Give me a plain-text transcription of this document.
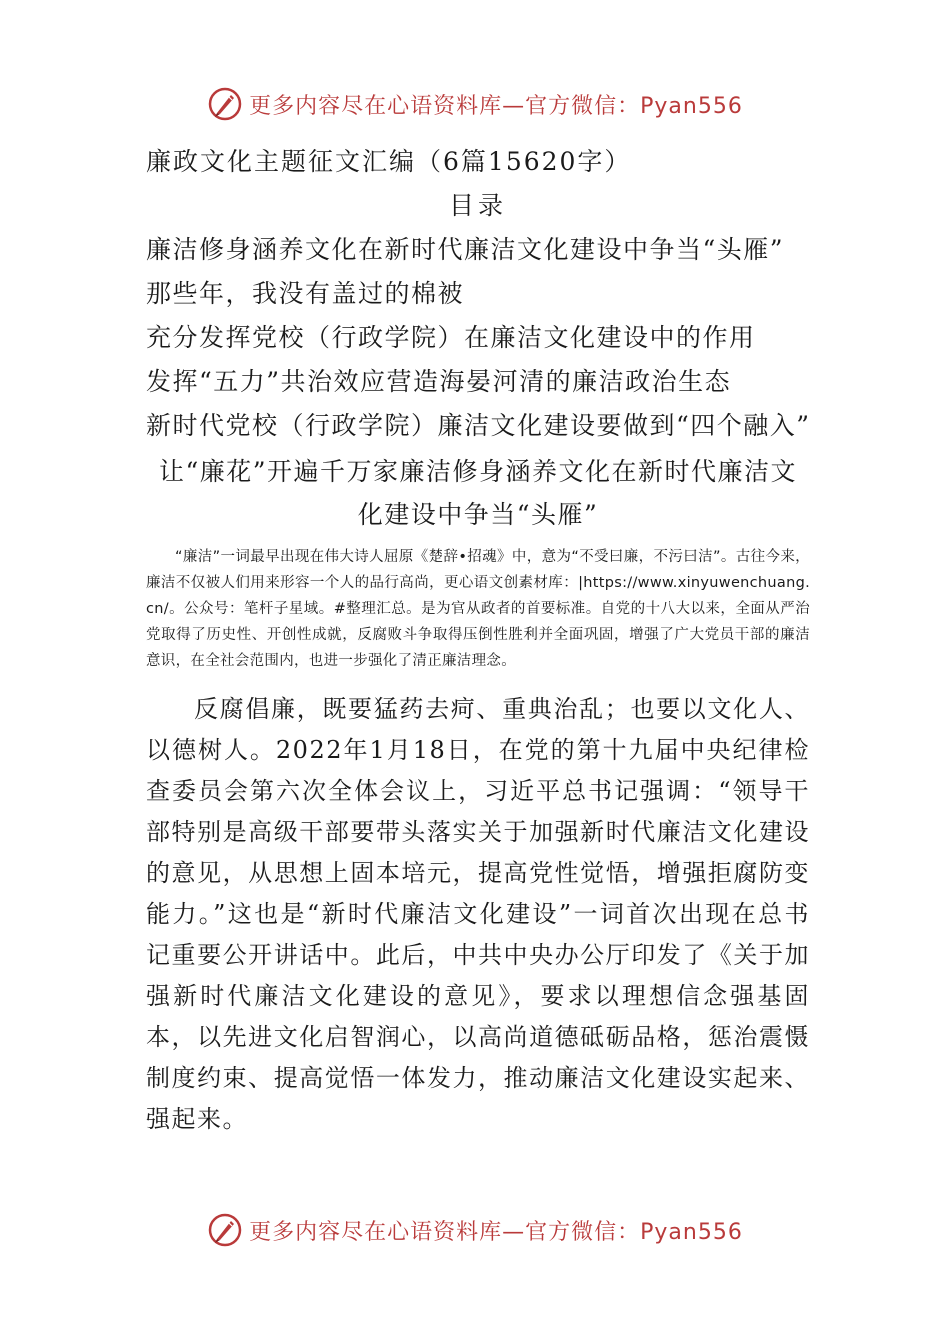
更多内容尽在心语资料库—官方微信：Pyan556
廉政文化主题征文汇编（6篇15620字）
目录
廉洁修身涵养文化在新时代廉洁文化建设中争当“头雁”
那些年，我没有盖过的棉被
充分发挥党校（行政学院）在廉洁文化建设中的作用
发挥“五力”共治效应营造海晏河清的廉洁政治生态
新时代党校（行政学院）廉洁文化建设要做到“四个融入”
让“廉花”开遍千万家廉洁修身涵养文化在新时代廉洁文化建设中争当“头雁”

“廉洁”一词最早出现在伟大诗人屈原《楚辞•招魂》中，意为“不受曰廉，不污曰洁”。古往今来，廉洁不仅被人们用来形容一个人的品行高尚，更心语文创素材库：|https://www.xinyuwenchuang.cn/。公众号：笔杆子星域。#整理汇总。是为官从政者的首要标准。自党的十八大以来，全面从严治党取得了历史性、开创性成就，反腐败斗争取得压倒性胜利并全面巩固，增强了广大党员干部的廉洁意识，在全社会范围内，也进一步强化了清正廉洁理念。

反腐倡廉，既要猛药去疴、重典治乱；也要以文化人、以德树人。2022年1月18日，在党的第十九届中央纪律检查委员会第六次全体会议上，习近平总书记强调：“领导干部特别是高级干部要带头落实关于加强新时代廉洁文化建设的意见，从思想上固本培元，提高党性觉悟，增强拒腐防变能力。”这也是“新时代廉洁文化建设”一词首次出现在总书记重要公开讲话中。此后，中共中央办公厅印发了《关于加强新时代廉洁文化建设的意见》，要求以理想信念强基固本，以先进文化启智润心，以高尚道德砥砺品格，惩治震慑制度约束、提高觉悟一体发力，推动廉洁文化建设实起来、强起来。

更多内容尽在心语资料库—官方微信：Pyan556
